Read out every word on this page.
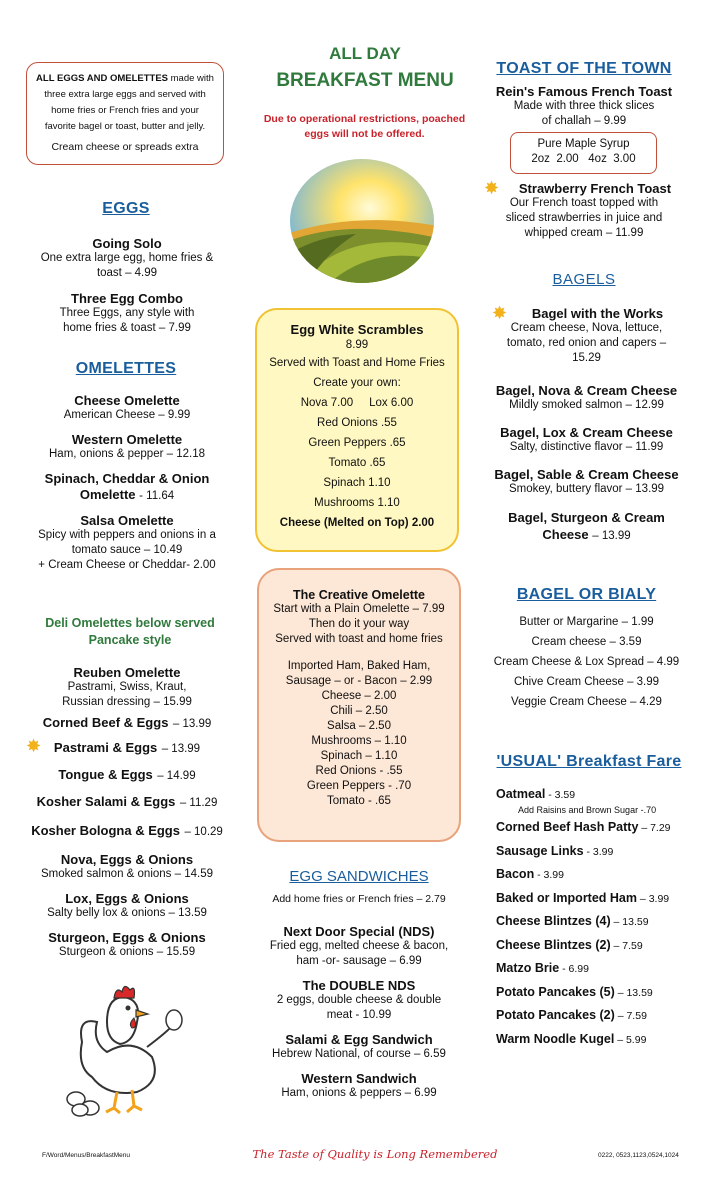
ALL DAY
BREAKFAST MENU
Due to operational restrictions, poached eggs will not be offered.
ALL EGGS AND OMELETTES made with three extra large eggs and served with home fries or French fries and your favorite bagel or toast, butter and jelly.
Cream cheese or spreads extra
EGGS
Going Solo
One extra large egg, home fries & toast – 4.99
Three Egg Combo
Three Eggs, any style with home fries & toast – 7.99
OMELETTES
Cheese Omelette
American Cheese – 9.99
Western Omelette
Ham, onions & pepper – 12.18
Spinach, Cheddar & Onion Omelette - 11.64
Salsa Omelette
Spicy with peppers and onions in a tomato sauce – 10.49
+ Cream Cheese or Cheddar- 2.00
Deli Omelettes below served Pancake style
Reuben Omelette
Pastrami, Swiss, Kraut, Russian dressing – 15.99
Corned Beef & Eggs – 13.99
✸ Pastrami & Eggs – 13.99
Tongue & Eggs – 14.99
Kosher Salami & Eggs – 11.29
Kosher Bologna & Eggs – 10.29
Nova, Eggs & Onions
Smoked salmon & onions – 14.59
Lox, Eggs & Onions
Salty belly lox & onions – 13.59
Sturgeon, Eggs & Onions
Sturgeon & onions – 15.59
Egg White Scrambles
8.99
Served with Toast and Home Fries
Create your own:
Nova 7.00 Lox 6.00
Red Onions .55
Green Peppers .65
Tomato .65
Spinach 1.10
Mushrooms 1.10
Cheese (Melted on Top) 2.00
The Creative Omelette
Start with a Plain Omelette – 7.99
Then do it your way
Served with toast and home fries
Imported Ham, Baked Ham,
Sausage – or - Bacon – 2.99
Cheese – 2.00
Chili – 2.50
Salsa – 2.50
Mushrooms – 1.10
Spinach – 1.10
Red Onions - .55
Green Peppers - .70
Tomato - .65
EGG SANDWICHES
Add home fries or French fries – 2.79
Next Door Special (NDS)
Fried egg, melted cheese & bacon, ham -or- sausage – 6.99
The DOUBLE NDS
2 eggs, double cheese & double meat - 10.99
Salami & Egg Sandwich
Hebrew National, of course – 6.59
Western Sandwich
Ham, onions & peppers – 6.99
TOAST OF THE TOWN
Rein's Famous French Toast
Made with three thick slices of challah – 9.99
Pure Maple Syrup
2oz  2.00   4oz  3.00
✸	Strawberry French Toast
Our French toast topped with sliced strawberries in juice and whipped cream – 11.99
BAGELS
✸	Bagel with the Works
Cream cheese, Nova, lettuce, tomato, red onion and capers – 15.29
Bagel, Nova & Cream Cheese
Mildly smoked salmon – 12.99
Bagel, Lox & Cream Cheese
Salty, distinctive flavor – 11.99
Bagel, Sable & Cream Cheese
Smokey, buttery flavor – 13.99
Bagel, Sturgeon & Cream Cheese – 13.99
BAGEL OR BIALY
Butter or Margarine – 1.99
Cream cheese – 3.59
Cream Cheese & Lox Spread – 4.99
Chive Cream Cheese – 3.99
Veggie Cream Cheese – 4.29
'USUAL' Breakfast Fare
Oatmeal - 3.59
Add Raisins and Brown Sugar -.70
Corned Beef Hash Patty – 7.29
Sausage Links - 3.99
Bacon - 3.99
Baked or Imported Ham – 3.99
Cheese Blintzes (4) – 13.59
Cheese Blintzes (2) – 7.59
Matzo Brie - 6.99
Potato Pancakes (5) – 13.59
Potato Pancakes (2) – 7.59
Warm Noodle Kugel – 5.99
F/Word/Menus/BreakfastMenu	The Taste of Quality is Long Remembered	0222, 0523,1123,0524,1024
